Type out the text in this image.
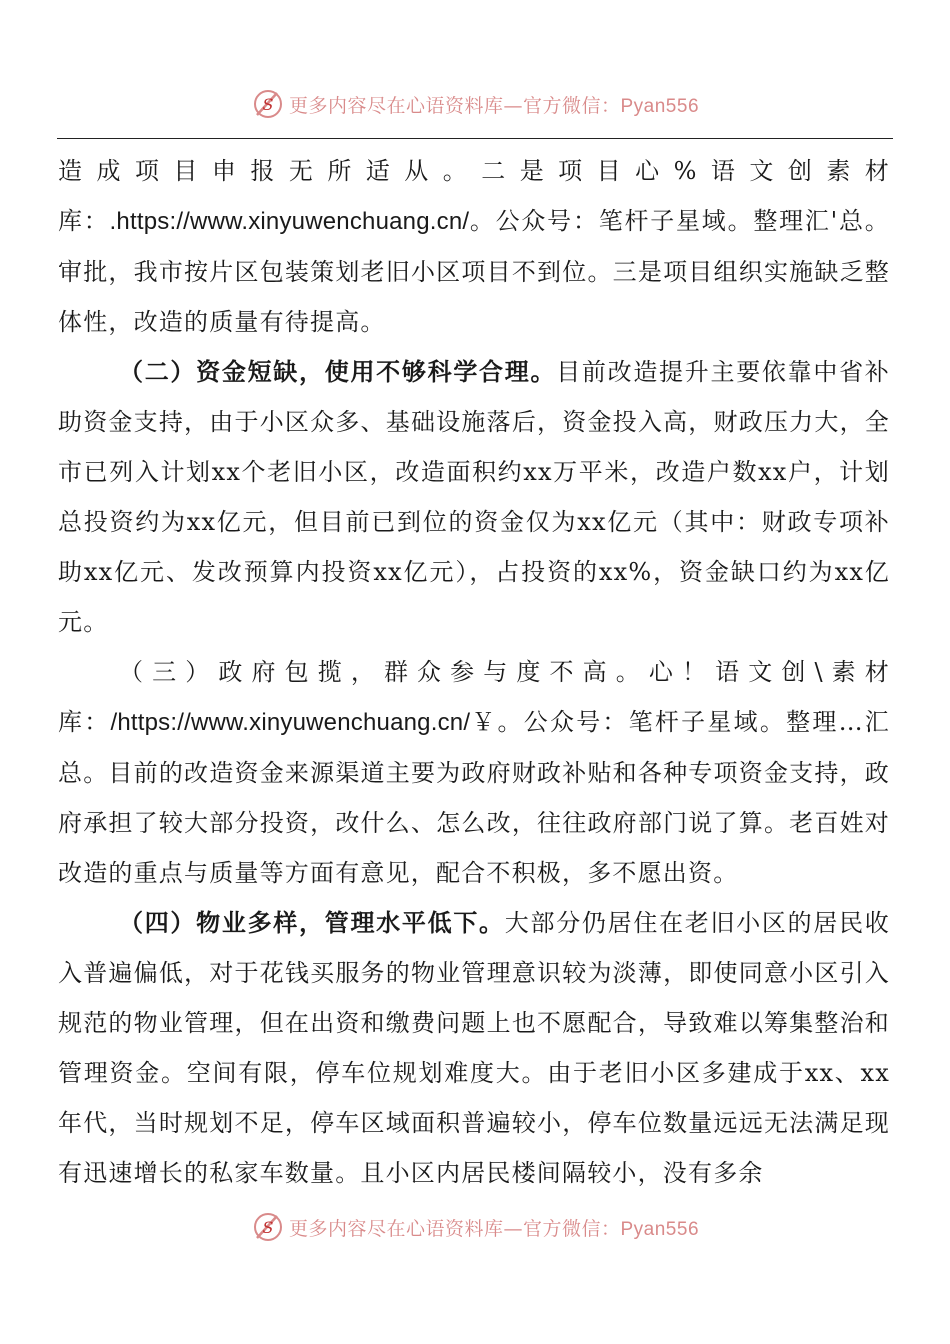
S 更多内容尽在心语资料库—官方微信：Pyan556

造成项目申报无所适从。二是项目心%语文创素材库：.https://www.xinyuwenchuang.cn/。公众号：笔杆子星域。整理汇'总。审批，我市按片区包装策划老旧小区项目不到位。三是项目组织实施缺乏整体性，改造的质量有待提高。

（二）资金短缺，使用不够科学合理。目前改造提升主要依靠中省补助资金支持，由于小区众多、基础设施落后，资金投入高，财政压力大，全市已列入计划xx个老旧小区，改造面积约xx万平米，改造户数xx户，计划总投资约为xx亿元，但目前已到位的资金仅为xx亿元（其中：财政专项补助xx亿元、发改预算内投资xx亿元），占投资的xx%，资金缺口约为xx亿元。

（三）政府包揽，群众参与度不高。心！语文创\素材库：/https://www.xinyuwenchuang.cn/￥。公众号：笔杆子星域。整理…汇总。目前的改造资金来源渠道主要为政府财政补贴和各种专项资金支持，政府承担了较大部分投资，改什么、怎么改，往往政府部门说了算。老百姓对改造的重点与质量等方面有意见，配合不积极，多不愿出资。

（四）物业多样，管理水平低下。大部分仍居住在老旧小区的居民收入普遍偏低，对于花钱买服务的物业管理意识较为淡薄，即使同意小区引入规范的物业管理，但在出资和缴费问题上也不愿配合，导致难以筹集整治和管理资金。空间有限，停车位规划难度大。由于老旧小区多建成于xx、xx年代，当时规划不足，停车区域面积普遍较小，停车位数量远远无法满足现有迅速增长的私家车数量。且小区内居民楼间隔较小，没有多余

S 更多内容尽在心语资料库—官方微信：Pyan556
